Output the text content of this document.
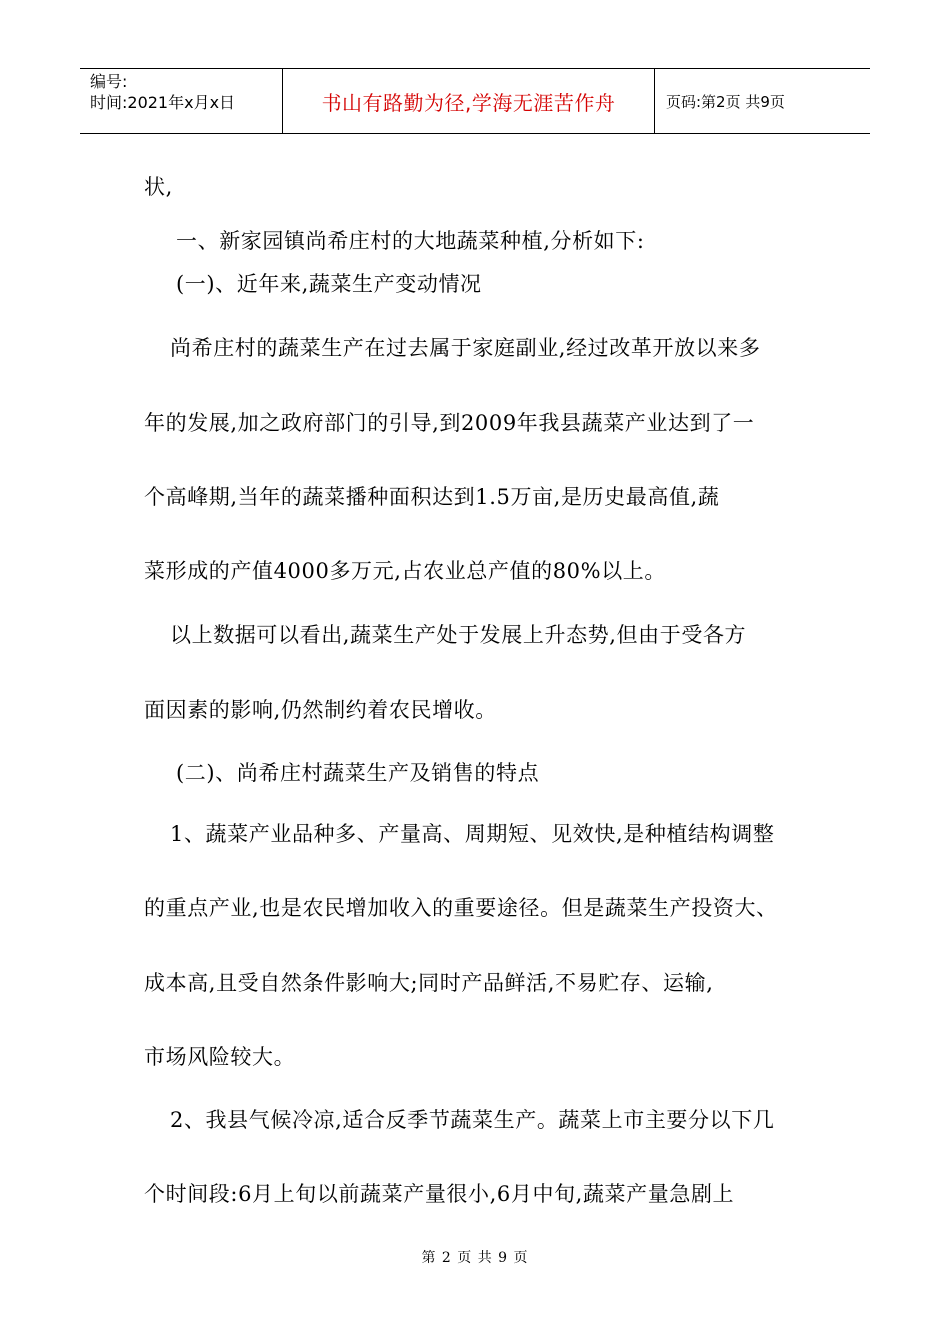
编号:
时间:2021年x月x日	书山有路勤为径,学海无涯苦作舟	页码:第2页 共9页
状,
一、新家园镇尚希庄村的大地蔬菜种植,分析如下:
(一)、近年来,蔬菜生产变动情况
尚希庄村的蔬菜生产在过去属于家庭副业,经过改革开放以来多
年的发展,加之政府部门的引导,到2009年我县蔬菜产业达到了一
个高峰期,当年的蔬菜播种面积达到1.5万亩,是历史最高值,蔬
菜形成的产值4000多万元,占农业总产值的80%以上。
以上数据可以看出,蔬菜生产处于发展上升态势,但由于受各方
面因素的影响,仍然制约着农民增收。
(二)、尚希庄村蔬菜生产及销售的特点
1、蔬菜产业品种多、产量高、周期短、见效快,是种植结构调整
的重点产业,也是农民增加收入的重要途径。但是蔬菜生产投资大、
成本高,且受自然条件影响大;同时产品鲜活,不易贮存、运输,
市场风险较大。
2、我县气候冷凉,适合反季节蔬菜生产。蔬菜上市主要分以下几
个时间段:6月上旬以前蔬菜产量很小,6月中旬,蔬菜产量急剧上
第 2 页 共 9 页
